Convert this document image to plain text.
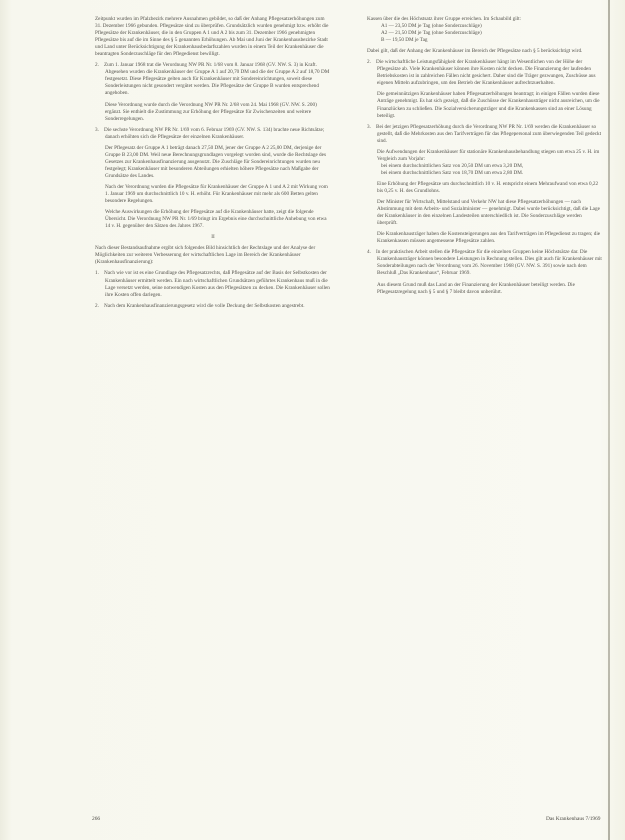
Zeitpunkt wurden im Pfalzbezirk mehrere Ausnahmen gebildet, so daß der Anhang Pflegesatzerhöhungen zum 31. Dezember 1966 gebunden. Pflegesätze sind zu überprüfen. Grundsätzlich wurden genehmigt bzw. erhöht die Pflegesätze der Krankenhäuser, die in den Gruppen A 1 und A 2 bis zum 31. Dezember 1966 genehmigten Pflegesätze bis auf die im Sinne des § 5 genannten Erhöhungen. Ab Mai und Juni der Krankenhausbezirke Stadt und Land unter Berücksichtigung der Krankenhausbedarfszahlen wurden in einem Teil der Krankenhäuser die beantragten Sonderzuschläge für den Pflegedienst bewilligt.

2. Zum 1. Januar 1968 trat die Verordnung NW PR Nr. 1/68 vom 8. Januar 1968 (GV. NW. S. 3) in Kraft. Abgesehen wurden die Krankenhäuser der Gruppe A 1 auf 20,70 DM und die der Gruppe A 2 auf 18,70 DM festgesetzt. Diese Pflegesätze gelten auch für Krankenhäuser mit Sondereinrichtungen, soweit diese Sonderleistungen nicht gesondert vergütet werden. Die Pflegesätze der Gruppe B wurden entsprechend angehoben.

Diese Verordnung wurde durch die Verordnung NW PR Nr. 2/68 vom 24. Mai 1968 (GV. NW. S. 200) ergänzt. Sie enthielt die Zustimmung zur Erhöhung der Pflegesätze für Zwischenzeiten und weitere Sonderregelungen.

3. Die sechste Verordnung NW PR Nr. 1/69 vom 6. Februar 1969 (GV. NW. S. 134) brachte neue Richtsätze; danach erhöhten sich die Pflegesätze der einzelnen Krankenhäuser.

Der Pflegesatz der Gruppe A 1 beträgt danach 27,50 DM, jener der Gruppe A 2 25,00 DM, derjenige der Gruppe B 23,00 DM. Weil neue Berechnungsgrundlagen vorgelegt worden sind, wurde die Rechtslage des Gesetzes zur Krankenhausfinanzierung ausgenutzt. Die Zuschläge für Sondereinrichtungen wurden neu festgelegt; Krankenhäuser mit besonderen Abteilungen erhielten höhere Pflegesätze nach Maßgabe der Grundsätze des Landes.

Nach der Verordnung wurden die Pflegesätze für Krankenhäuser der Gruppe A 1 und A 2 mit Wirkung vom 1. Januar 1969 um durchschnittlich 10 v. H. erhöht. Für Krankenhäuser mit mehr als 600 Betten gelten besondere Regelungen.

Welche Auswirkungen die Erhöhung der Pflegesätze auf die Krankenhäuser hatte, zeigt die folgende Übersicht. Die Verordnung NW PR Nr. 1/69 bringt im Ergebnis eine durchschnittliche Anhebung von etwa 14 v. H. gegenüber den Sätzen des Jahres 1967.

II

Nach dieser Bestandsaufnahme ergibt sich folgendes Bild hinsichtlich der Rechtslage und der Analyse der Möglichkeiten zur weiteren Verbesserung der wirtschaftlichen Lage im Bereich der Krankenhäuser (Krankenhausfinanzierung):

1. Nach wie vor ist es eine Grundlage des Pflegesatzrechts, daß Pflegesätze auf der Basis der Selbstkosten der Krankenhäuser ermittelt werden. Ein nach wirtschaftlichen Grundsätzen geführtes Krankenhaus muß in die Lage versetzt werden, seine notwendigen Kosten aus den Pflegesätzen zu decken. Die Krankenhäuser sollen ihre Kosten offen darlegen.

2. Nach dem Krankenhausfinanzierungsgesetz wird die volle Deckung der Selbstkosten angestrebt.

Kassen über die des Höchstsatz ihrer Gruppe erreichen. Im Schaubild gilt:

A1 — 23,50 DM je Tag (ohne Sonderzuschläge)

A2 — 21,50 DM je Tag (ohne Sonderzuschläge)

B — 19,50 DM je Tag

Dabei gilt, daß der Anhang der Krankenhäuser im Bereich der Pflegesätze nach § 5 berücksichtigt wird.

2. Die wirtschaftliche Leistungsfähigkeit der Krankenhäuser hängt im Wesentlichen von der Höhe der Pflegesätze ab. Viele Krankenhäuser können ihre Kosten nicht decken. Die Finanzierung der laufenden Betriebskosten ist in zahlreichen Fällen nicht gesichert. Daher sind die Träger gezwungen, Zuschüsse aus eigenen Mitteln aufzubringen, um den Betrieb der Krankenhäuser aufrechtzuerhalten.

Die gemeinnützigen Krankenhäuser haben Pflegesatzerhöhungen beantragt; in einigen Fällen wurden diese Anträge genehmigt. Es hat sich gezeigt, daß die Zuschüsse der Krankenhausträger nicht ausreichen, um die Finanzlücken zu schließen. Die Sozialversicherungsträger und die Krankenkassen sind an einer Lösung beteiligt.

3. Bei der jetzigen Pflegesatzerhöhung durch die Verordnung NW PR Nr. 1/69 werden die Krankenhäuser so gestellt, daß die Mehrkosten aus den Tarifverträgen für das Pflegepersonal zum überwiegenden Teil gedeckt sind.

Die Aufwendungen der Krankenhäuser für stationäre Krankenhausbehandlung stiegen um etwa 25 v. H. im Vergleich zum Vorjahr:

bei einem durchschnittlichen Satz von 20,50 DM um etwa 3,20 DM,

bei einem durchschnittlichen Satz von 18,70 DM um etwa 2,80 DM.

Eine Erhöhung der Pflegesätze um durchschnittlich 10 v. H. entspricht einem Mehraufwand von etwa 0,22 bis 0,25 v. H. des Grundlohns.

Der Minister für Wirtschaft, Mittelstand und Verkehr NW hat diese Pflegesatzerhöhungen — nach Abstimmung mit dem Arbeits- und Sozialminister — genehmigt. Dabei wurde berücksichtigt, daß die Lage der Krankenhäuser in den einzelnen Landesteilen unterschiedlich ist. Die Sonderzuschläge werden überprüft.

Die Krankenhausträger haben die Kostensteigerungen aus den Tarifverträgen im Pflegedienst zu tragen; die Krankenkassen müssen angemessene Pflegesätze zahlen.

4. In der praktischen Arbeit stellen die Pflegesätze für die einzelnen Gruppen keine Höchstsätze dar. Die Krankenhausträger können besondere Leistungen in Rechnung stellen. Dies gilt auch für Krankenhäuser mit Sonderabteilungen nach der Verordnung vom 26. November 1968 (GV. NW. S. 391) sowie nach dem Beschluß „Das Krankenhaus“, Februar 1969.

Aus diesem Grund muß das Land an der Finanzierung der Krankenhäuser beteiligt werden. Die Pflegesatzregelung nach § 5 und § 7 bleibt davon unberührt.

266	Das Krankenhaus 7/1969
